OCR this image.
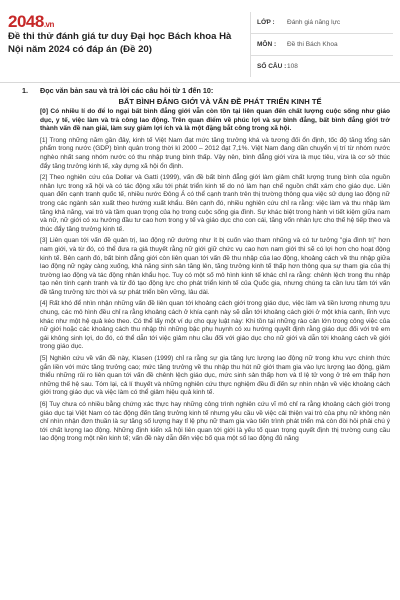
2048.vn
Đề thi thử đánh giá tư duy Đại học Bách khoa Hà Nội năm 2024 có đáp án (Đề 20)
LỚP :	Đánh giá năng lực
MÔN :	Đề thi Bách Khoa
SỐ CÂU : 108
1.	Đọc văn bản sau và trả lời các câu hỏi từ 1 đến 10:
BẤT BÌNH ĐẲNG GIỚI VÀ VẤN ĐỀ PHÁT TRIỂN KINH TẾ

[0] Có nhiều lí do để lo ngại bất bình đẳng giới vẫn còn tồn tại liên quan đến chất lượng cuộc sống như giáo dục, y tế, việc làm và trả công lao động. Trên quan điểm về phúc lợi và sự bình đẳng, bất bình đẳng giới trở thành vấn đề nan giải, làm suy giảm lợi ích và là một đặng bắt công trong xã hội.

[1] Trong những năm gần đây, kinh tế Việt Nam đạt mức tăng trưởng khá và tương đối ổn định, tốc độ tăng tổng sản phẩm trong nước (GDP) bình quân trong thời kì 2000 – 2012 đạt 7,1%. Việt Nam đang dần chuyển vị trí từ nhóm nước nghèo nhất sang nhóm nước có thu nhập trung bình thấp. Vậy nên, bình đẳng giới vừa là mục tiêu, vừa là cơ sở thúc đẩy tăng trưởng kinh tế, xây dựng xã hội ổn định.

[2] Theo nghiên cứu của Dollar và Gatti (1999), vấn đề bất bình đẳng giới làm giảm chất lượng trung bình của nguồn nhân lực trong xã hội và có tác động xấu tới phát triển kinh tế do nó làm hạn chế nguồn chất xám cho giáo dục. Liên quan đến cạnh tranh quốc tế, nhiều nước Đông Á có thể cạnh tranh trên thị trường thông qua việc sử dụng lao động nữ trong các ngành sản xuất theo hướng xuất khẩu. Bên cạnh đó, nhiều nghiên cứu chỉ ra rằng: việc làm và thu nhập làm tăng khả năng, vai trò và tầm quan trọng của họ trong cuộc sống gia đình. Sự khác biệt trong hành vi tiết kiệm giữa nam và nữ, nữ giới có xu hướng đầu tư cao hơn trong y tế và giáo dục cho con cái, tăng vốn nhân lực cho thế hệ tiếp theo và thúc đẩy tăng trưởng kinh tế.

[3] Liên quan tới vấn đề quản trị, lao động nữ dường như ít bị cuốn vào tham nhũng và có tư tưởng "gia đình trị" hơn nam giới, và từ đó, có thể đưa ra giả thuyết rằng nữ giới giữ chức vụ cao hơn nam giới thì sẽ có lợi hơn cho hoạt động kinh tế. Bên cạnh đó, bất bình đẳng giới còn liên quan tới vấn đề thu nhập của lao động, khoảng cách về thu nhập giữa lao động nữ ngày càng xuống, khả năng sinh sản tăng lên, tăng trưởng kinh tế thấp hơn thông qua sự tham gia của thị trường lao động và tác động nhân khẩu học. Tuy có một số mô hình kinh tế khác chỉ ra rằng: chênh lệch trong thu nhập tạo nên tính cạnh tranh và từ đó tạo động lực cho phát triển kinh tế của Quốc gia, nhưng chúng ta cần lưu tâm tới vấn đề tăng trưởng tức thời và sự phát triển bền vững, lâu dài.

[4] Rất khó để nhìn nhận những vấn đề liên quan tới khoảng cách giới trong giáo dục, việc làm và tiền lương nhưng tựu chung, các mô hình đều chỉ ra rằng khoảng cách ở khía cạnh này sẽ dẫn tới khoảng cách giới ở một khía cạnh, lĩnh vực khác như một hệ quả kéo theo. Có thể lấy một ví dụ cho quy luật này: Khi tồn tại những rào cản lớn trong công việc của nữ giới hoặc các khoảng cách thu nhập thì những bậc phụ huynh có xu hướng quyết định rằng giáo dục đối với trẻ em gái không sinh lợi, do đó, có thể dẫn tới việc giảm nhu cầu đối với giáo dục cho nữ giới và dẫn tới khoảng cách về giới trong giáo dục.

[5] Nghiên cứu về vấn đề này, Klasen (1999) chỉ ra rằng sự gia tăng lực lượng lao động nữ trong khu vực chính thức gắn liền với mức tăng trưởng cao; mức tăng trưởng về thu nhập thu hút nữ giới tham gia vào lực lượng lao động, giảm thiểu những rủi ro liên quan tới vấn đề chênh lệch giáo dục, mức sinh sản thấp hơn và tỉ lệ tử vong ở trẻ em thấp hơn những thế hệ sau. Tóm lại, cả lí thuyết và những nghiên cứu thực nghiệm đều đi đến sự nhìn nhận về việc khoảng cách giới trong giáo dục và việc làm có thể giảm hiệu quả kinh tế.

[6] Tuy chưa có nhiều bằng chứng xác thực hay những công trình nghiên cứu vĩ mô chỉ ra rằng khoảng cách giới trong giáo dục tại Việt Nam có tác động đến tăng trưởng kinh tế nhưng yêu cầu về việc cải thiện vai trò của phụ nữ không nên chỉ nhìn nhận đơn thuần là sự tăng số lượng hay tỉ lệ phụ nữ tham gia vào tiến trình phát triển mà còn đòi hỏi phải chú ý tới chất lượng lao động. Những định kiến xã hội liên quan tới giới là yếu tố quan trọng quyết định thị trường cung cầu lao động trong một nền kinh tế; vấn đề này dẫn đến việc bố qua một số lao động đủ năng
